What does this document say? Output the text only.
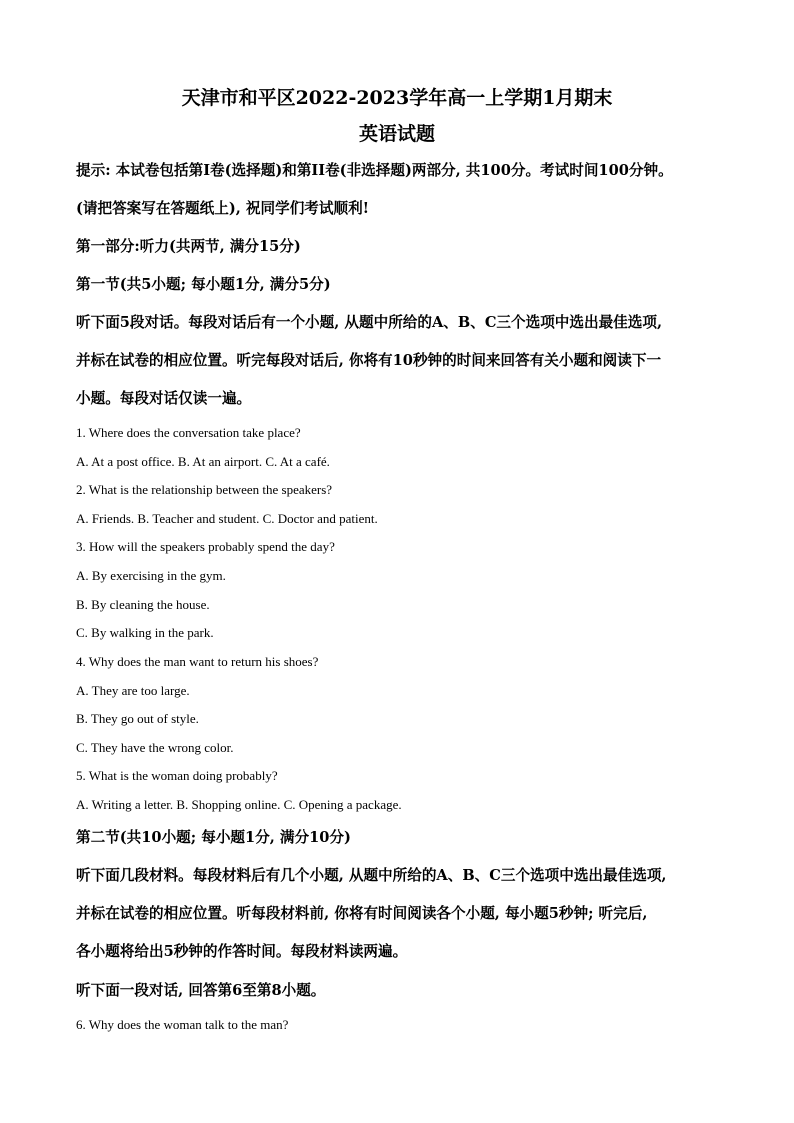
天津市和平区2022-2023学年高一上学期1月期末
英语试题
提示: 本试卷包括第I卷(选择题)和第II卷(非选择题)两部分, 共100分。考试时间100分钟。
(请把答案写在答题纸上), 祝同学们考试顺利!
第一部分:听力(共两节, 满分15分)
第一节(共5小题; 每小题1分, 满分5分)
听下面5段对话。每段对话后有一个小题, 从题中所给的A、B、C三个选项中选出最佳选项,
并标在试卷的相应位置。听完每段对话后, 你将有10秒钟的时间来回答有关小题和阅读下一
小题。每段对话仅读一遍。
1. Where does the conversation take place?
A. At a post office. B. At an airport. C. At a café.
2. What is the relationship between the speakers?
A. Friends. B. Teacher and student. C. Doctor and patient.
3. How will the speakers probably spend the day?
A. By exercising in the gym.
B. By cleaning the house.
C. By walking in the park.
4. Why does the man want to return his shoes?
A. They are too large.
B. They go out of style.
C. They have the wrong color.
5. What is the woman doing probably?
A. Writing a letter. B. Shopping online. C. Opening a package.
第二节(共10小题; 每小题1分, 满分10分)
听下面几段材料。每段材料后有几个小题, 从题中所给的A、B、C三个选项中选出最佳选项,
并标在试卷的相应位置。听每段材料前, 你将有时间阅读各个小题, 每小题5秒钟; 听完后,
各小题将给出5秒钟的作答时间。每段材料读两遍。
听下面一段对话, 回答第6至第8小题。
6. Why does the woman talk to the man?
